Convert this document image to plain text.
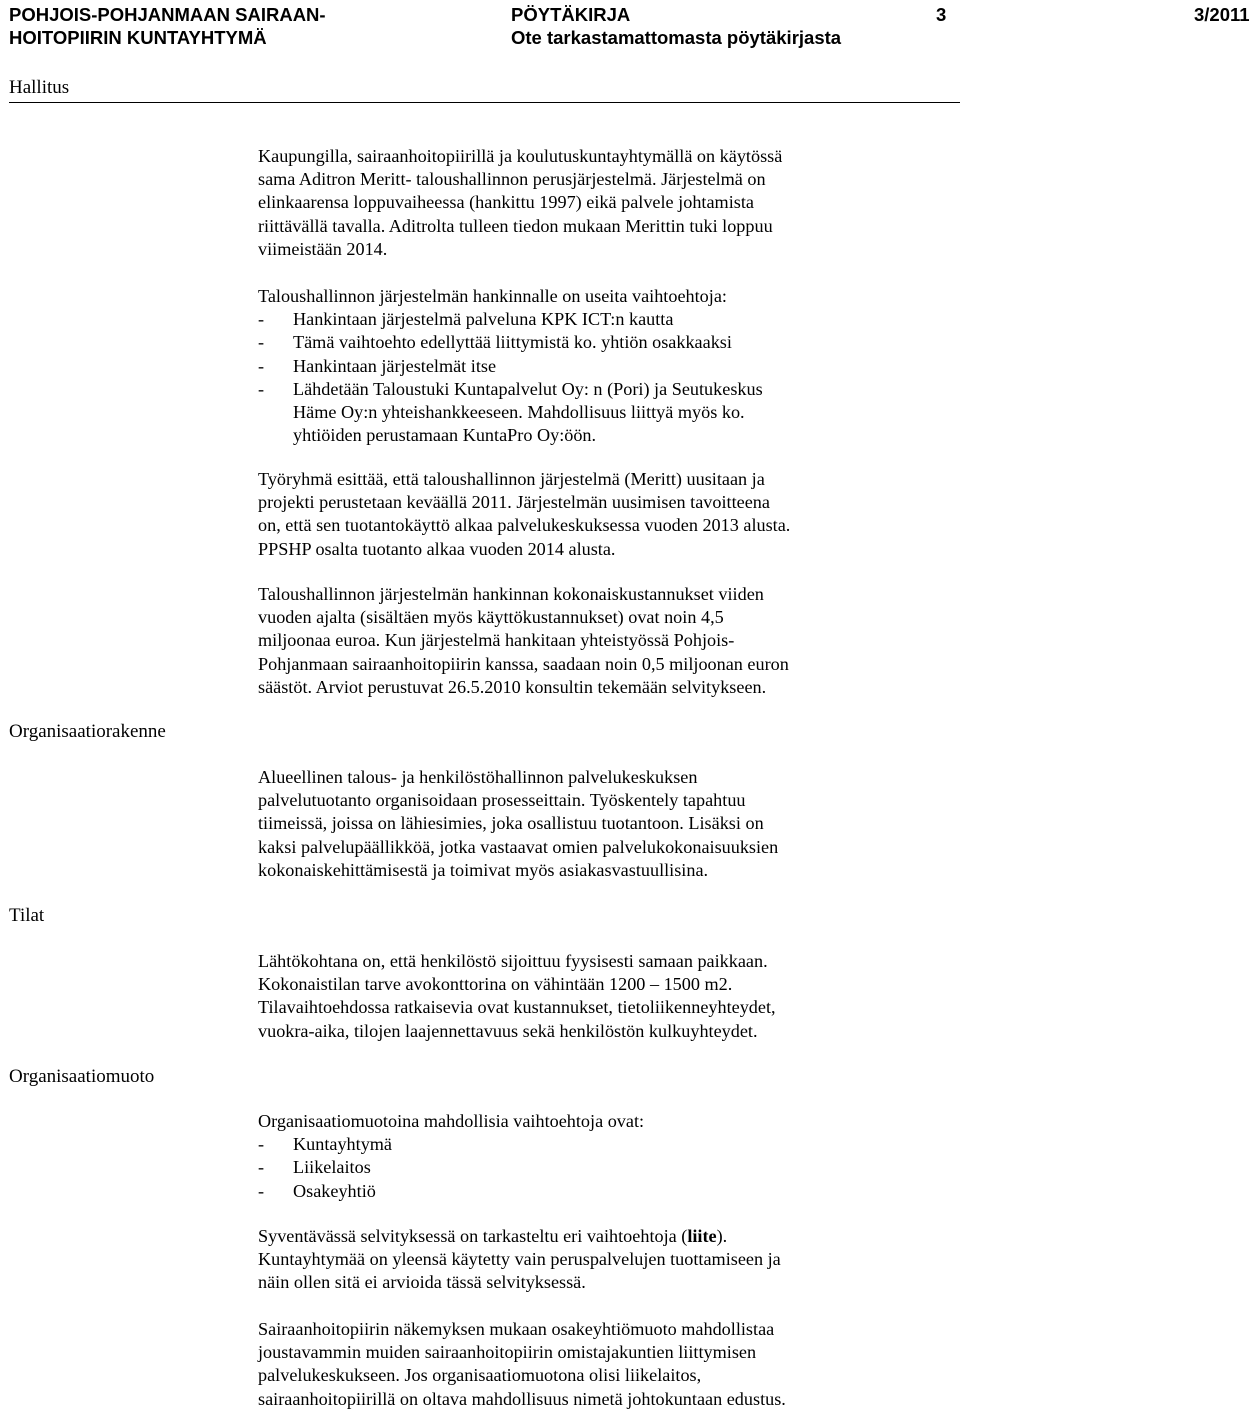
POHJOIS-POHJANMAAN SAIRAAN-
HOITOPIIRIN KUNTAYHTYMÄ
PÖYTÄKIRJA	3/2011
Ote tarkastamattomasta pöytäkirjasta
3
Hallitus
Kaupungilla, sairaanhoitopiirillä ja koulutuskuntayhtymällä on käytössä
sama Aditron Meritt- taloushallinnon perusjärjestelmä. Järjestelmä on
elinkaarensa loppuvaiheessa (hankittu 1997) eikä palvele johtamista
riittävällä tavalla. Aditrolta tulleen tiedon mukaan Merittin tuki loppuu
viimeistään 2014.
Taloushallinnon järjestelmän hankinnalle on useita vaihtoehtoja:
- Hankintaan järjestelmä palveluna KPK ICT:n kautta
- Tämä vaihtoehto edellyttää liittymistä ko. yhtiön osakkaaksi
- Hankintaan järjestelmät itse
- Lähdetään Taloustuki Kuntapalvelut Oy: n (Pori) ja Seutukeskus
Häme Oy:n yhteishankkeeseen. Mahdollisuus liittyä myös ko.
yhtiöiden perustamaan KuntaPro Oy:öön.
Työryhmä esittää, että taloushallinnon järjestelmä (Meritt) uusitaan ja
projekti perustetaan keväällä 2011. Järjestelmän uusimisen tavoitteena
on, että sen tuotantokäyttö alkaa palvelukeskuksessa vuoden 2013 alusta.
PPSHP osalta tuotanto alkaa vuoden 2014 alusta.
Taloushallinnon järjestelmän hankinnan kokonaiskustannukset viiden
vuoden ajalta (sisältäen myös käyttökustannukset) ovat noin 4,5
miljoonaa euroa. Kun järjestelmä hankitaan yhteistyössä Pohjois-
Pohjanmaan sairaanhoitopiirin kanssa, saadaan noin 0,5 miljoonan euron
säästöt. Arviot perustuvat 26.5.2010 konsultin tekemään selvitykseen.
Organisaatiorakenne
Alueellinen talous- ja henkilöstöhallinnon palvelukeskuksen
palvelutuotanto organisoidaan prosesseittain. Työskentely tapahtuu
tiimeissä, joissa on lähiesimies, joka osallistuu tuotantoon. Lisäksi on
kaksi palvelupäällikköä, jotka vastaavat omien palvelukokonaisuuksien
kokonaiskehittämisestä ja toimivat myös asiakasvastuullisina.
Tilat
Lähtökohtana on, että henkilöstö sijoittuu fyysisesti samaan paikkaan.
Kokonaistilan tarve avokonttorina on vähintään 1200 – 1500 m2.
Tilavaihtoehdossa ratkaisevia ovat kustannukset, tietoliikenneyhteydet,
vuokra-aika, tilojen laajennettavuus sekä henkilöstön kulkuyhteydet.
Organisaatiomuoto
Organisaatiomuotoina mahdollisia vaihtoehtoja ovat:
- Kuntayhtymä
- Liikelaitos
- Osakeyhtiö
Syventävässä selvityksessä on tarkasteltu eri vaihtoehtoja (liite).
Kuntayhtymää on yleensä käytetty vain peruspalvelujen tuottamiseen ja
näin ollen sitä ei arvioida tässä selvityksessä.
Sairaanhoitopiirin näkemyksen mukaan osakeyhtiömuoto mahdollistaa
joustavammin muiden sairaanhoitopiirin omistajakuntien liittymisen
palvelukeskukseen. Jos organisaatiomuotona olisi liikelaitos,
sairaanhoitopiirillä on oltava mahdollisuus nimetä johtokuntaan edustus.
